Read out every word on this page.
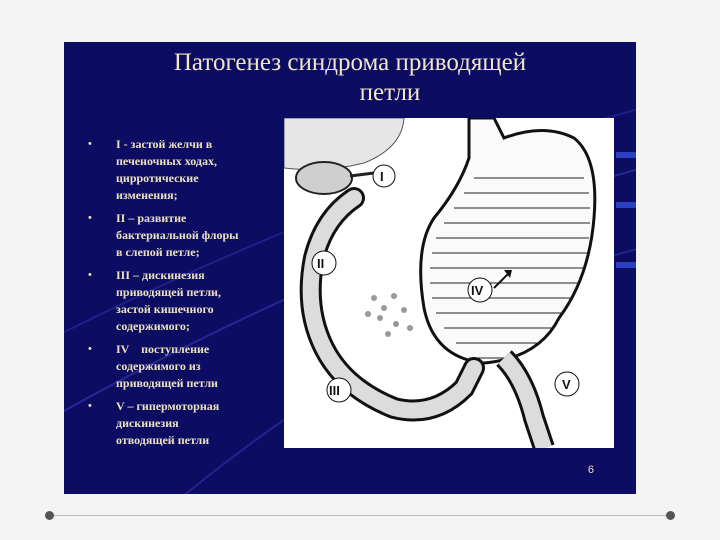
Патогенез синдрома приводящей
петли
• I - застой желчи в
печеночных ходах,
цирротические
изменения;
• II – развитие
бактериальной флоры
в слепой петле;
• III – дискинезия
приводящей петли,
застой кишечного
содержимого;
• IV    поступление
содержимого из
приводящей петли
• V – гипермоторная
дискинезия
отводящей петли
I
II
III
IV
V
6
